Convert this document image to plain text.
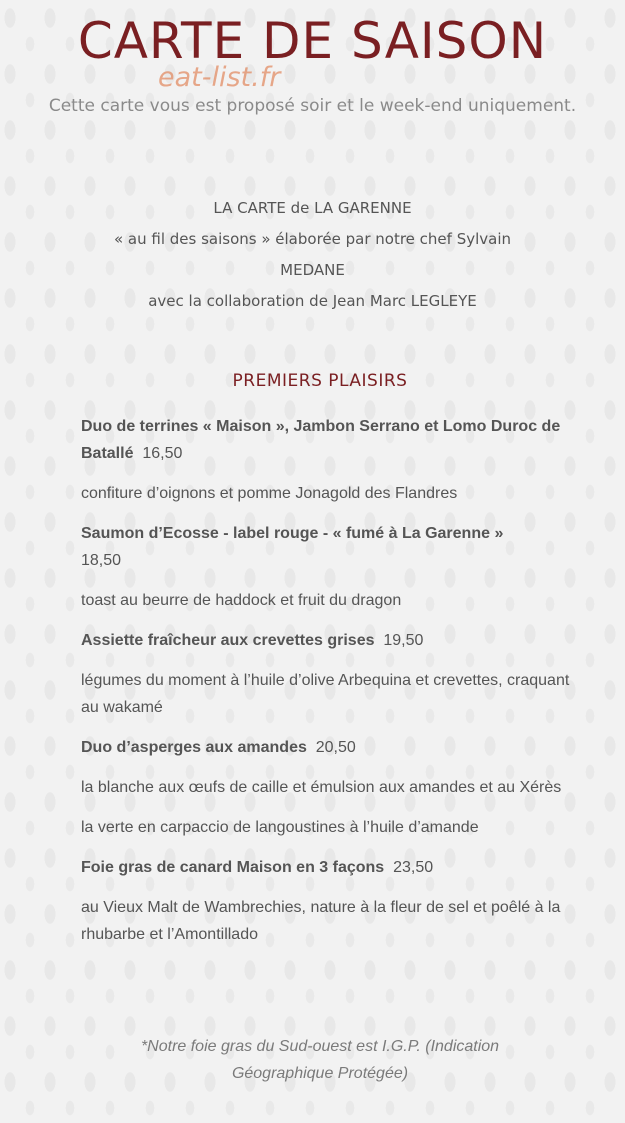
CARTE DE SAISON
eat-list.fr

Cette carte vous est proposé soir et le week-end uniquement.

LA CARTE de LA GARENNE
« au fil des saisons » élaborée par notre chef Sylvain
MEDANE
avec la collaboration de Jean Marc LEGLEYE
PREMIERS PLAISIRS

Duo de terrines « Maison », Jambon Serrano et Lomo Duroc de Batallé 16,50

confiture d’oignons et pomme Jonagold des Flandres

Saumon d’Ecosse - label rouge - « fumé à La Garenne »
18,50

toast au beurre de haddock et fruit du dragon

Assiette fraîcheur aux crevettes grises 19,50

légumes du moment à l’huile d’olive Arbequina et crevettes, craquant au wakamé

Duo d’asperges aux amandes 20,50

la blanche aux œufs de caille et émulsion aux amandes et au Xérès

la verte en carpaccio de langoustines à l’huile d’amande

Foie gras de canard Maison en 3 façons 23,50

au Vieux Malt de Wambrechies, nature à la fleur de sel et poêlé à la rhubarbe et l’Amontillado

*Notre foie gras du Sud-ouest est I.G.P. (Indication Géographique Protégée)
